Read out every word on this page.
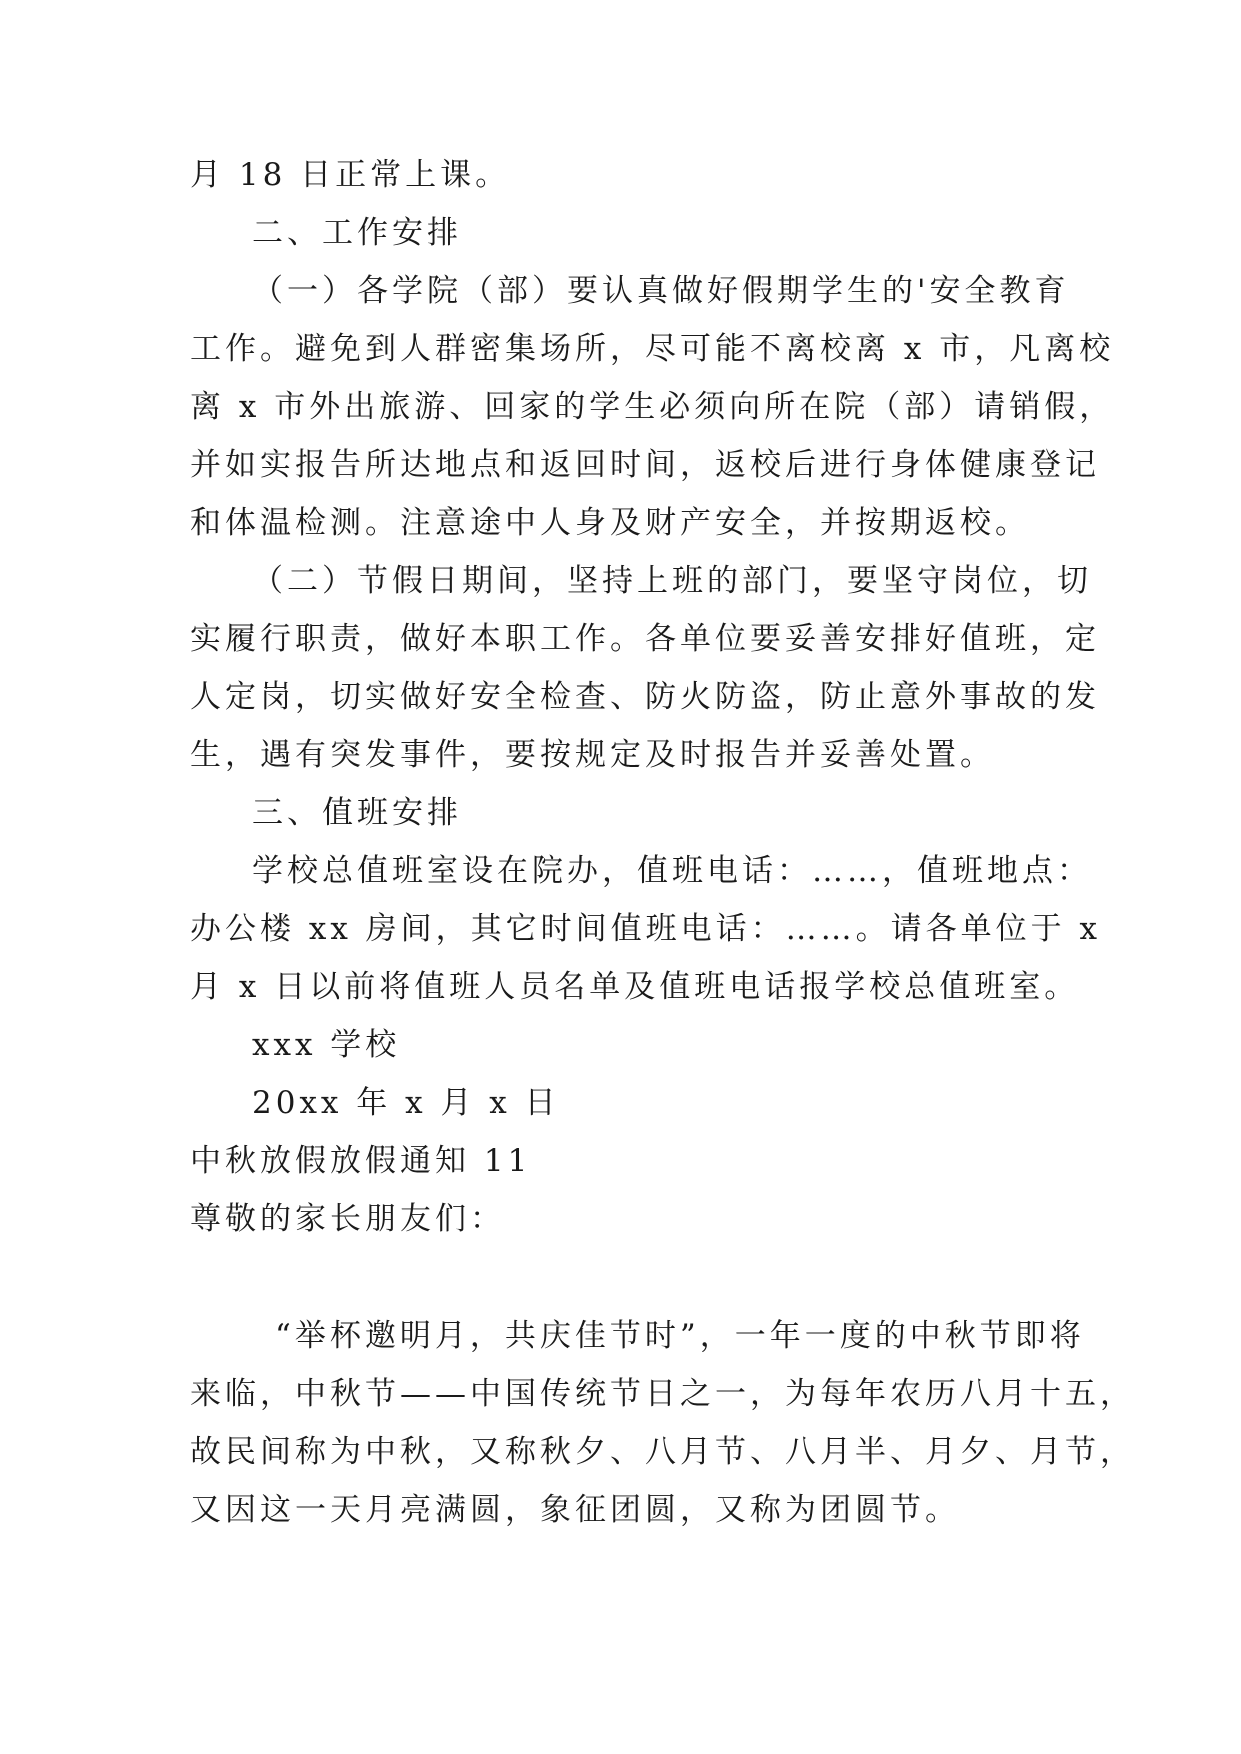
月 18 日正常上课。
二、工作安排
（一）各学院（部）要认真做好假期学生的'安全教育
工作。避免到人群密集场所，尽可能不离校离 x 市，凡离校
离 x 市外出旅游、回家的学生必须向所在院（部）请销假，
并如实报告所达地点和返回时间，返校后进行身体健康登记
和体温检测。注意途中人身及财产安全，并按期返校。
（二）节假日期间，坚持上班的部门，要坚守岗位，切
实履行职责，做好本职工作。各单位要妥善安排好值班，定
人定岗，切实做好安全检查、防火防盗，防止意外事故的发
生，遇有突发事件，要按规定及时报告并妥善处置。
三、值班安排
学校总值班室设在院办，值班电话：……，值班地点：
办公楼 xx 房间，其它时间值班电话：……。请各单位于 x
月 x 日以前将值班人员名单及值班电话报学校总值班室。
xxx 学校
20xx 年 x 月 x 日
中秋放假放假通知 11
尊敬的家长朋友们：
“举杯邀明月，共庆佳节时”，一年一度的中秋节即将
来临，中秋节——中国传统节日之一，为每年农历八月十五，
故民间称为中秋，又称秋夕、八月节、八月半、月夕、月节，
又因这一天月亮满圆，象征团圆，又称为团圆节。
